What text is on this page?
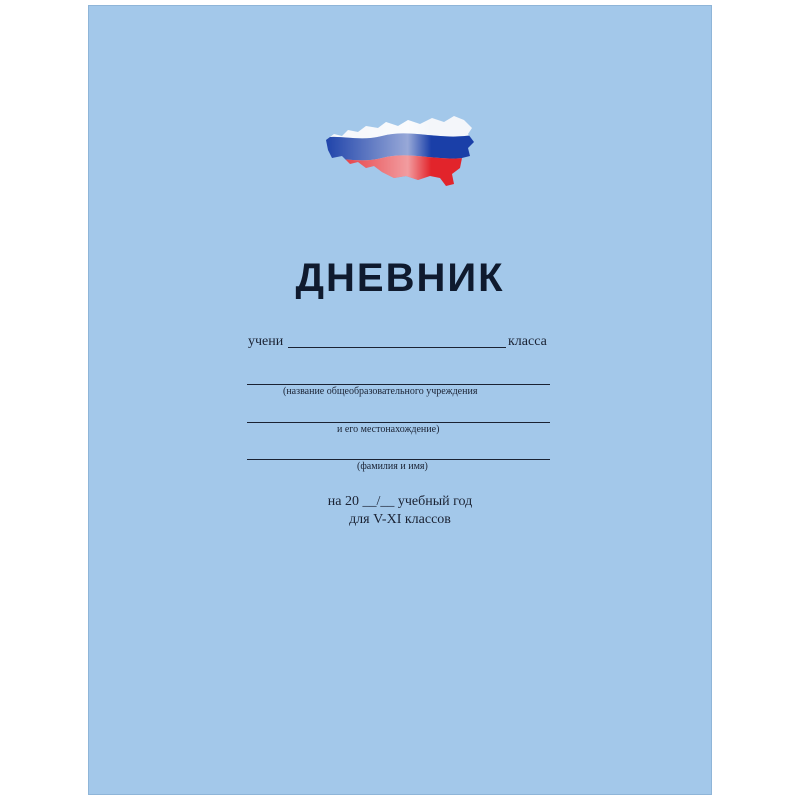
ДНЕВНИК
учени	класса
(название общеобразовательного учреждения
и его местонахождение)
(фамилия и имя)
на 20 __/__ учебный год
для V-XI классов
